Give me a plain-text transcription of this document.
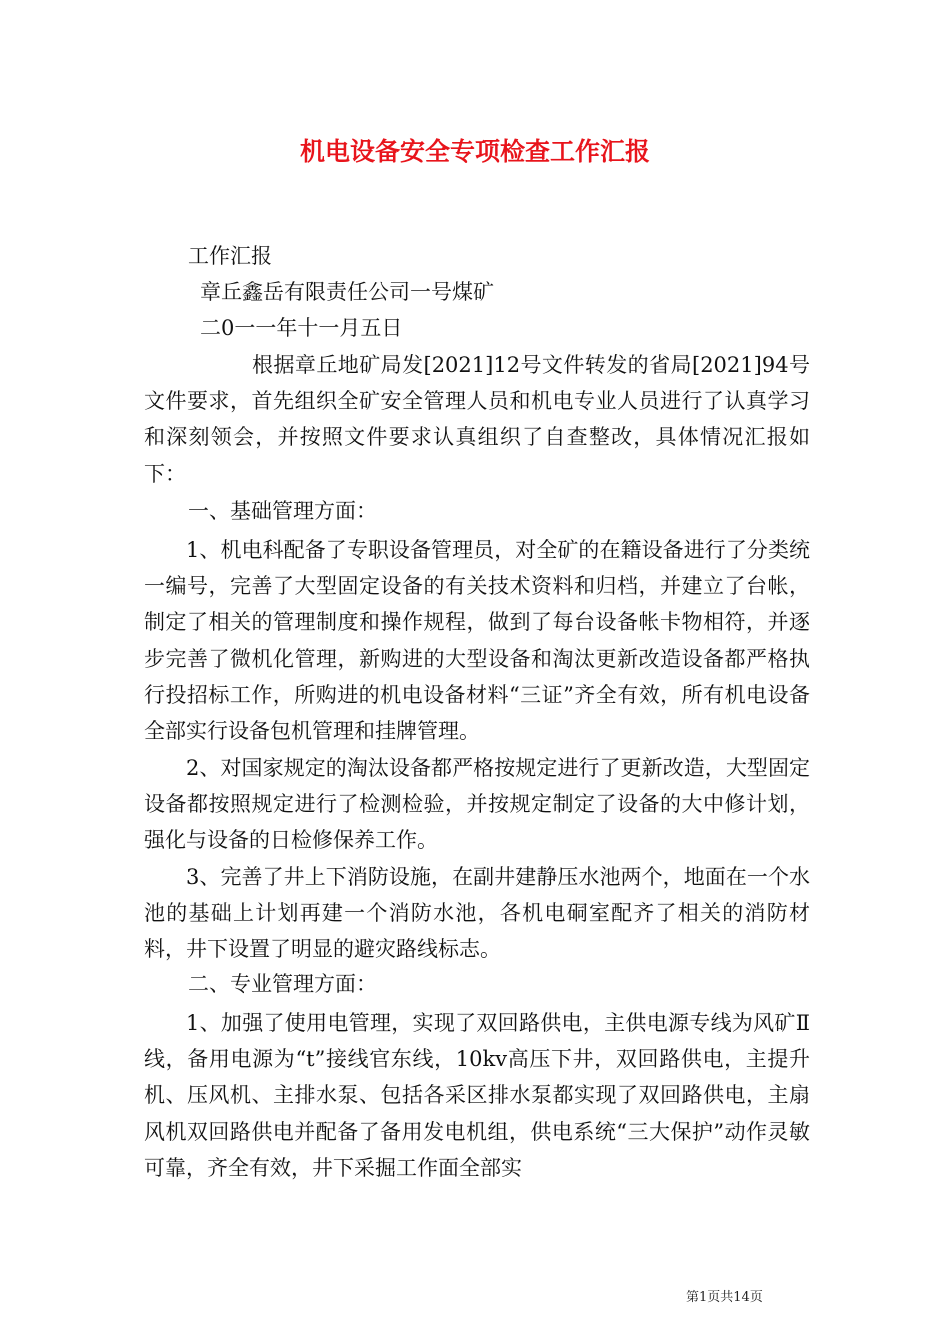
机电设备安全专项检查工作汇报
工作汇报
章丘鑫岳有限责任公司一号煤矿
二0一一年十一月五日
根据章丘地矿局发[2021]12号文件转发的省局[2021]94号文件要求，首先组织全矿安全管理人员和机电专业人员进行了认真学习和深刻领会，并按照文件要求认真组织了自查整改，具体情况汇报如下：
一、基础管理方面：
1、机电科配备了专职设备管理员，对全矿的在籍设备进行了分类统一编号，完善了大型固定设备的有关技术资料和归档，并建立了台帐，制定了相关的管理制度和操作规程，做到了每台设备帐卡物相符，并逐步完善了微机化管理，新购进的大型设备和淘汰更新改造设备都严格执行投招标工作，所购进的机电设备材料“三证”齐全有效，所有机电设备全部实行设备包机管理和挂牌管理。
2、对国家规定的淘汰设备都严格按规定进行了更新改造，大型固定设备都按照规定进行了检测检验，并按规定制定了设备的大中修计划，强化与设备的日检修保养工作。
3、完善了井上下消防设施，在副井建静压水池两个，地面在一个水池的基础上计划再建一个消防水池，各机电硐室配齐了相关的消防材料，井下设置了明显的避灾路线标志。
二、专业管理方面：
1、加强了使用电管理，实现了双回路供电，主供电源专线为风矿Ⅱ线，备用电源为“t”接线官东线，10kv高压下井，双回路供电，主提升机、压风机、主排水泵、包括各采区排水泵都实现了双回路供电，主扇风机双回路供电并配备了备用发电机组，供电系统“三大保护”动作灵敏可靠，齐全有效，井下采掘工作面全部实
第1页共14页
